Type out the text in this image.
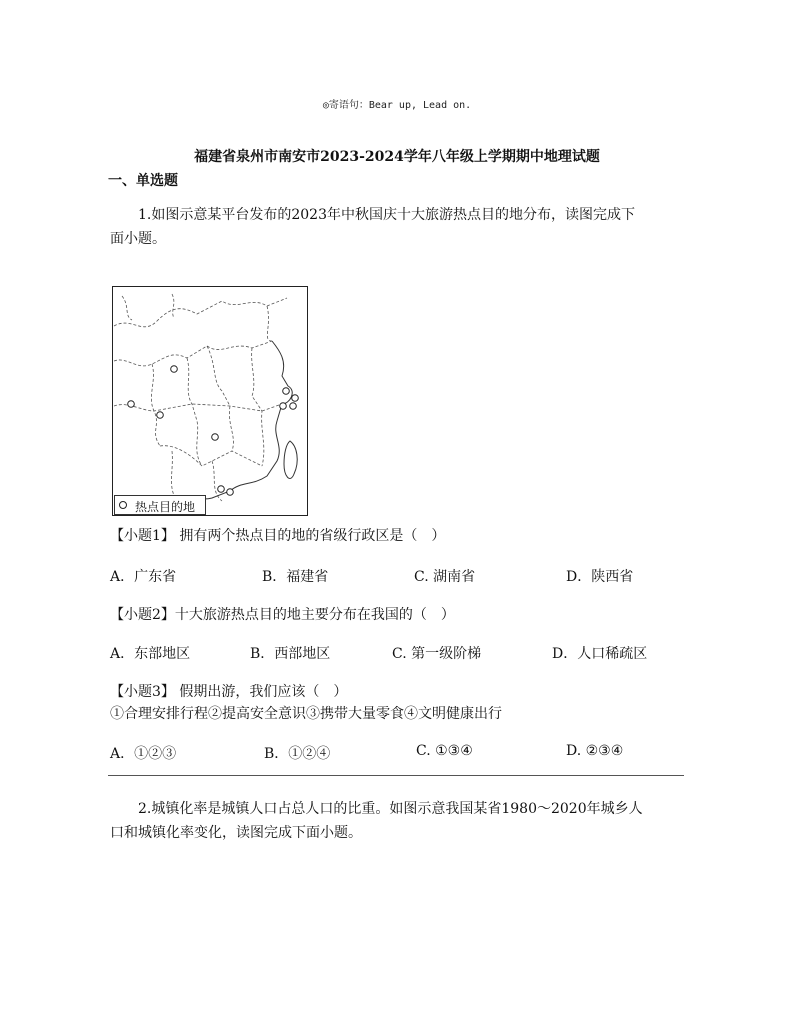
◎寄语句：Bear up, Lead on.
福建省泉州市南安市2023-2024学年八年级上学期期中地理试题
一、单选题
1.如图示意某平台发布的2023年中秋国庆十大旅游热点目的地分布，读图完成下
面小题。
热点目的地
【小题1】 拥有两个热点目的地的省级行政区是（　）
A．广东省	B．福建省	C. 湖南省	D．陕西省
【小题2】十大旅游热点目的地主要分布在我国的（　）
A．东部地区	B．西部地区	C. 第一级阶梯	D．人口稀疏区
【小题3】 假期出游，我们应该（　）
①合理安排行程②提高安全意识③携带大量零食④文明健康出行
A．①②③	B．①②④	C. ①③④	D. ②③④
2.城镇化率是城镇人口占总人口的比重。如图示意我国某省1980～2020年城乡人
口和城镇化率变化，读图完成下面小题。
